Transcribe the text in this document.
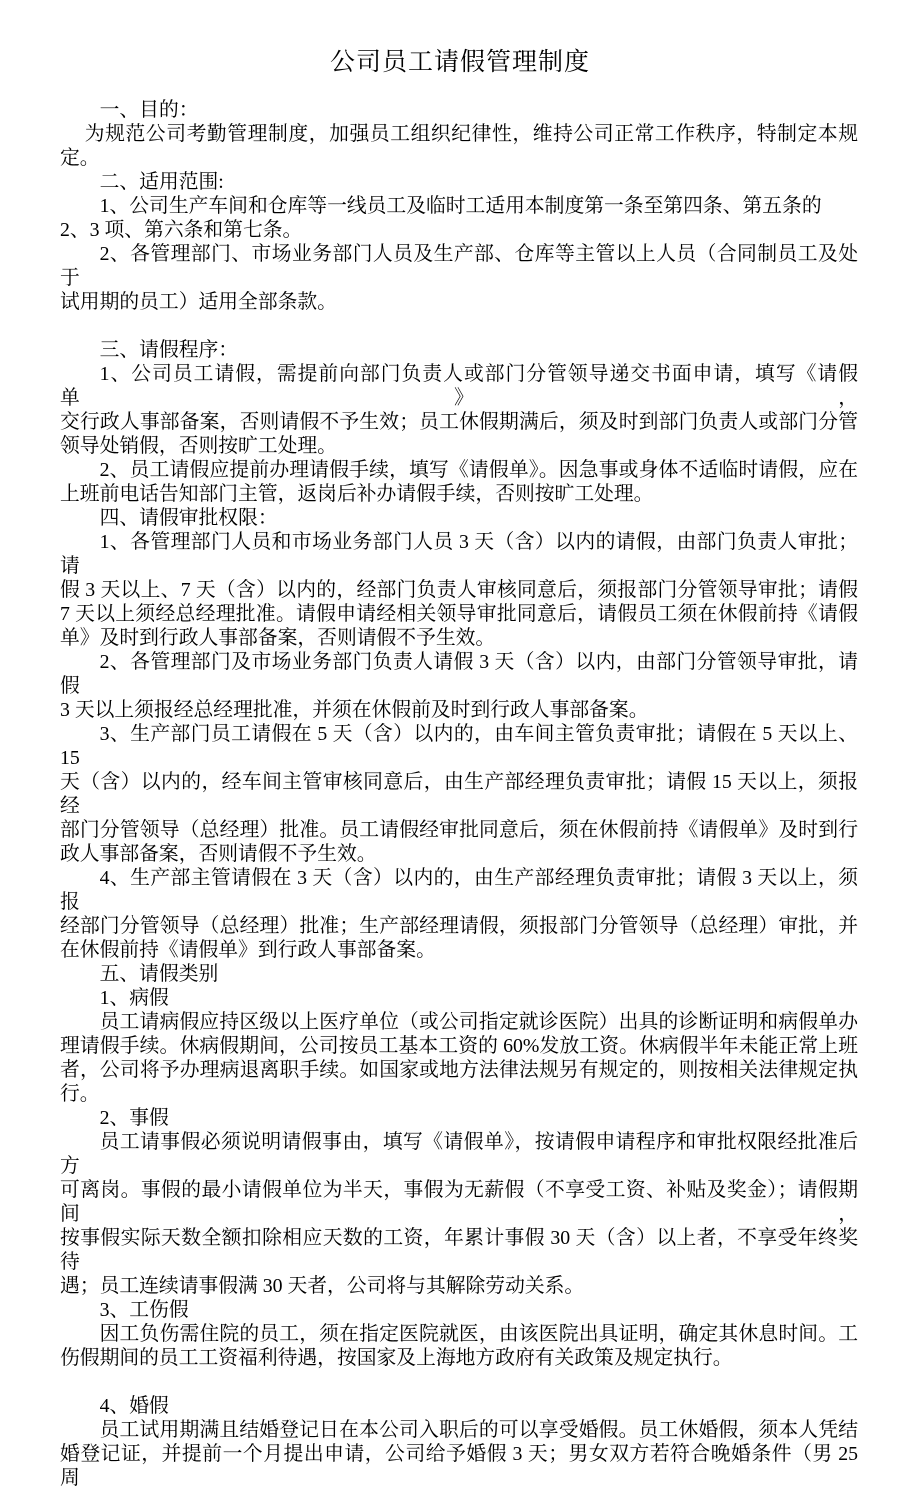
公司员工请假管理制度
一、目的：
为规范公司考勤管理制度，加强员工组织纪律性，维持公司正常工作秩序，特制定本规
定。
二、适用范围:
1、公司生产车间和仓库等一线员工及临时工适用本制度第一条至第四条、第五条的
2、3 项、第六条和第七条。
2、各管理部门、市场业务部门人员及生产部、仓库等主管以上人员（合同制员工及处于
试用期的员工）适用全部条款。
三、请假程序：
1、公司员工请假，需提前向部门负责人或部门分管领导递交书面申请，填写《请假单》，
交行政人事部备案，否则请假不予生效；员工休假期满后，须及时到部门负责人或部门分管
领导处销假，否则按旷工处理。
2、员工请假应提前办理请假手续，填写《请假单》。因急事或身体不适临时请假，应在
上班前电话告知部门主管，返岗后补办请假手续，否则按旷工处理。
四、请假审批权限：
1、各管理部门人员和市场业务部门人员 3 天（含）以内的请假，由部门负责人审批；请
假 3 天以上、7 天（含）以内的，经部门负责人审核同意后，须报部门分管领导审批；请假
7 天以上须经总经理批准。请假申请经相关领导审批同意后，请假员工须在休假前持《请假
单》及时到行政人事部备案，否则请假不予生效。
2、各管理部门及市场业务部门负责人请假 3 天（含）以内，由部门分管领导审批，请假
3 天以上须报经总经理批准，并须在休假前及时到行政人事部备案。
3、生产部门员工请假在 5 天（含）以内的，由车间主管负责审批；请假在 5 天以上、15
天（含）以内的，经车间主管审核同意后，由生产部经理负责审批；请假 15 天以上，须报经
部门分管领导（总经理）批准。员工请假经审批同意后，须在休假前持《请假单》及时到行
政人事部备案，否则请假不予生效。
4、生产部主管请假在 3 天（含）以内的，由生产部经理负责审批；请假 3 天以上，须报
经部门分管领导（总经理）批准；生产部经理请假，须报部门分管领导（总经理）审批，并
在休假前持《请假单》到行政人事部备案。
五、请假类别
1、病假
员工请病假应持区级以上医疗单位（或公司指定就诊医院）出具的诊断证明和病假单办
理请假手续。休病假期间，公司按员工基本工资的 60%发放工资。休病假半年未能正常上班
者，公司将予办理病退离职手续。如国家或地方法律法规另有规定的，则按相关法律规定执
行。
2、事假
员工请事假必须说明请假事由，填写《请假单》，按请假申请程序和审批权限经批准后方
可离岗。事假的最小请假单位为半天，事假为无薪假（不享受工资、补贴及奖金）；请假期间，
按事假实际天数全额扣除相应天数的工资，年累计事假 30 天（含）以上者，不享受年终奖待
遇；员工连续请事假满 30 天者，公司将与其解除劳动关系。
3、工伤假
因工负伤需住院的员工，须在指定医院就医，由该医院出具证明，确定其休息时间。工
伤假期间的员工工资福利待遇，按国家及上海地方政府有关政策及规定执行。
4、婚假
员工试用期满且结婚登记日在本公司入职后的可以享受婚假。员工休婚假，须本人凭结
婚登记证，并提前一个月提出申请，公司给予婚假 3 天；男女双方若符合晚婚条件（男 25 周
